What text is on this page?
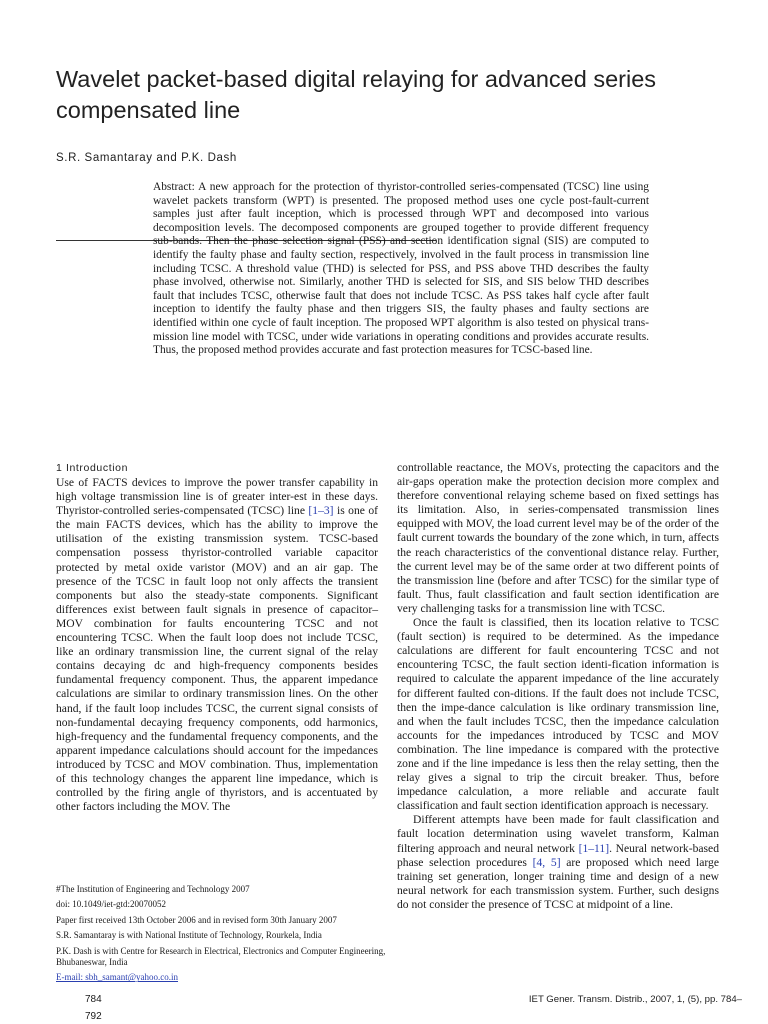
Wavelet packet-based digital relaying for advanced series compensated line
S.R. Samantaray and P.K. Dash

Abstract: A new approach for the protection of thyristor-controlled series-compensated (TCSC) line using wavelet packets transform (WPT) is presented. The proposed method uses one cycle post-fault-current samples just after fault inception, which is processed through WPT and decomposed into various decomposition levels. The decomposed components are grouped together to provide different frequency sub-bands. Then the phase selection signal (PSS) and section identification signal (SIS) are computed to identify the faulty phase and faulty section, respectively, involved in the fault process in transmission line including TCSC. A threshold value (THD) is selected for PSS, and PSS above THD describes the faulty phase involved, otherwise not. Similarly, another THD is selected for SIS, and SIS below THD describes fault that includes TCSC, otherwise fault that does not include TCSC. As PSS takes half cycle after fault inception to identify the faulty phase and then triggers SIS, the faulty phases and faulty sections are identified within one cycle of fault inception. The proposed WPT algorithm is also tested on physical trans-mission line model with TCSC, under wide variations in operating conditions and provides accurate results. Thus, the proposed method provides accurate and fast protection measures for TCSC-based line.

1 Introduction

Use of FACTS devices to improve the power transfer capability in high voltage transmission line is of greater inter-est in these days. Thyristor-controlled series-compensated (TCSC) line [1–3] is one of the main FACTS devices, which has the ability to improve the utilisation of the existing transmission system. TCSC-based compensation possess thyristor-controlled variable capacitor protected by metal oxide varistor (MOV) and an air gap. The presence of the TCSC in fault loop not only affects the transient components but also the steady-state components. Significant differences exist between fault signals in presence of capacitor–MOV combination for faults encountering TCSC and not encountering TCSC. When the fault loop does not include TCSC, like an ordinary transmission line, the current signal of the relay contains decaying dc and high-frequency components besides fundamental frequency component. Thus, the apparent impedance calculations are similar to ordinary transmission lines. On the other hand, if the fault loop includes TCSC, the current signal consists of non-fundamental decaying frequency components, odd harmonics, high-frequency and the fundamental frequency components, and the apparent impedance calculations should account for the impedances introduced by TCSC and MOV combination. Thus, implementation of this technology changes the apparent line impedance, which is controlled by the firing angle of thyristors, and is accentuated by other factors including the MOV. The

controllable reactance, the MOVs, protecting the capacitors and the air-gaps operation make the protection decision more complex and therefore conventional relaying scheme based on fixed settings has its limitation. Also, in series-compensated transmission lines equipped with MOV, the load current level may be of the order of the fault current towards the boundary of the zone which, in turn, affects the reach characteristics of the conventional distance relay. Further, the current level may be of the same order at two different points of the transmission line (before and after TCSC) for the similar type of fault. Thus, fault classification and fault section identification are very challenging tasks for a transmission line with TCSC.

Once the fault is classified, then its location relative to TCSC (fault section) is required to be determined. As the impedance calculations are different for fault encountering TCSC and not encountering TCSC, the fault section identi-fication information is required to calculate the apparent impedance of the line accurately for different faulted con-ditions. If the fault does not include TCSC, then the impe-dance calculation is like ordinary transmission line, and when the fault includes TCSC, then the impedance calculation accounts for the impedances introduced by TCSC and MOV combination. The line impedance is compared with the protective zone and if the line impedance is less then the relay setting, then the relay gives a signal to trip the circuit breaker. Thus, before impedance calculation, a more reliable and accurate fault classification and fault section identification approach is necessary.

Different attempts have been made for fault classification and fault location determination using wavelet transform, Kalman filtering approach and neural network [1–11]. Neural network-based phase selection procedures [4, 5] are proposed which need large training set generation, longer training time and design of a new neural network for each transmission system. Further, such designs do not consider the presence of TCSC at midpoint of a line.

#The Institution of Engineering and Technology 2007
doi: 10.1049/iet-gtd:20070052
Paper first received 13th October 2006 and in revised form 30th January 2007
S.R. Samantaray is with National Institute of Technology, Rourkela, India
P.K. Dash is with Centre for Research in Electrical, Electronics and Computer Engineering, Bhubaneswar, India
E-mail: sbh_samant@yahoo.co.in
784
792
IET Gener. Transm. Distrib., 2007, 1, (5), pp. 784–
